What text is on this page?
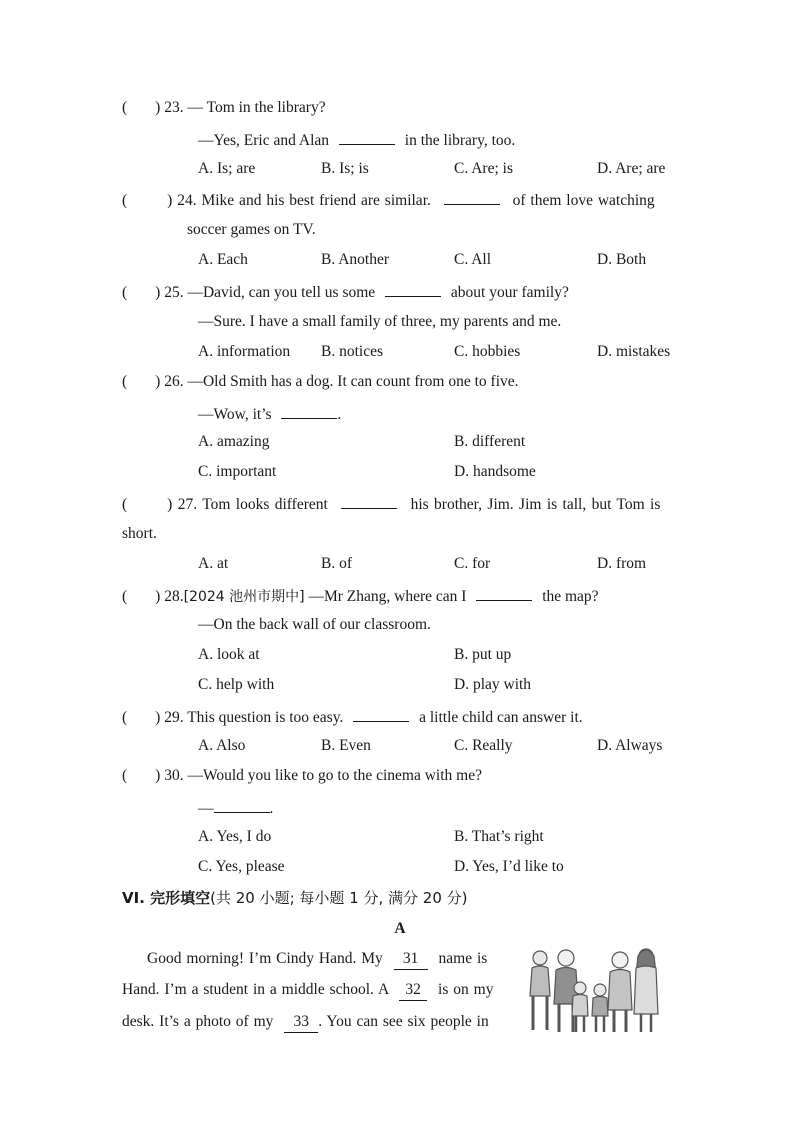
( ) 23. — Tom in the library?
—Yes, Eric and Alan	in the library, too.
A. Is; are	B. Is; is	C. Are; is	D. Are; are
(	) 24. Mike and his best friend are similar.	of them love watching
soccer games on TV.
A. Each	B. Another	C. All	D. Both
( ) 25. —David, can you tell us some	about your family?
—Sure. I have a small family of three, my parents and me.
A. information B. notices	C. hobbies	D. mistakes
( ) 26. —Old Smith has a dog. It can count from one to five.
—Wow, it’s	.
A. amazing	B. different
C. important	D. handsome
(	) 27. Tom looks different	his brother, Jim. Jim is tall, but Tom is
short.
A. at	B. of	C. for	D. from
( ) 28.[2024 池州市期中] —Mr Zhang, where can I	the map?
—On the back wall of our classroom.
A. look at	B. put up
C. help with	D. play with
( ) 29. This question is too easy.	a little child can answer it.
A. Also	B. Even	C. Really	D. Always
( ) 30. —Would you like to go to the cinema with me?
—	.
A. Yes, I do	B. That’s right
C. Yes, please	D. Yes, I’d like to
VI. 完形填空(共 20 小题; 每小题 1 分, 满分 20 分)
A
Good morning! I’m Cindy Hand. My 31 name is
Hand. I’m a student in a middle school. A 32 is on my
desk. It’s a photo of my 33 . You can see six people in
